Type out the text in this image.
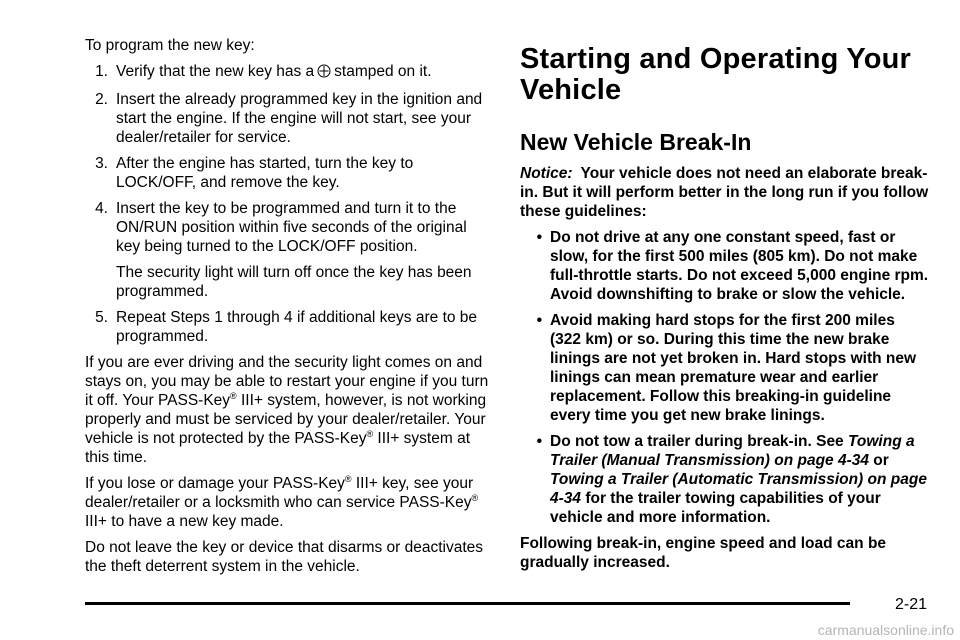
To program the new key:

1. Verify that the new key has a stamped on it.
2. Insert the already programmed key in the ignition and start the engine. If the engine will not start, see your dealer/retailer for service.
3. After the engine has started, turn the key to LOCK/OFF, and remove the key.
4. Insert the key to be programmed and turn it to the ON/RUN position within five seconds of the original key being turned to the LOCK/OFF position.

The security light will turn off once the key has been programmed.

5. Repeat Steps 1 through 4 if additional keys are to be programmed.

If you are ever driving and the security light comes on and stays on, you may be able to restart your engine if you turn it off. Your PASS-Key® III+ system, however, is not working properly and must be serviced by your dealer/retailer. Your vehicle is not protected by the PASS-Key® III+ system at this time.

If you lose or damage your PASS-Key® III+ key, see your dealer/retailer or a locksmith who can service PASS-Key® III+ to have a new key made.

Do not leave the key or device that disarms or deactivates the theft deterrent system in the vehicle.

Starting and Operating Your Vehicle
New Vehicle Break-In

Notice: Your vehicle does not need an elaborate break-in. But it will perform better in the long run if you follow these guidelines:

• Do not drive at any one constant speed, fast or slow, for the first 500 miles (805 km). Do not make full-throttle starts. Do not exceed 5,000 engine rpm. Avoid downshifting to brake or slow the vehicle.
• Avoid making hard stops for the first 200 miles (322 km) or so. During this time the new brake linings are not yet broken in. Hard stops with new linings can mean premature wear and earlier replacement. Follow this breaking-in guideline every time you get new brake linings.
• Do not tow a trailer during break-in. See Towing a Trailer (Manual Transmission) on page 4-34 or Towing a Trailer (Automatic Transmission) on page 4-34 for the trailer towing capabilities of your vehicle and more information.

Following break-in, engine speed and load can be gradually increased.

2-21
carmanualsonline.info
